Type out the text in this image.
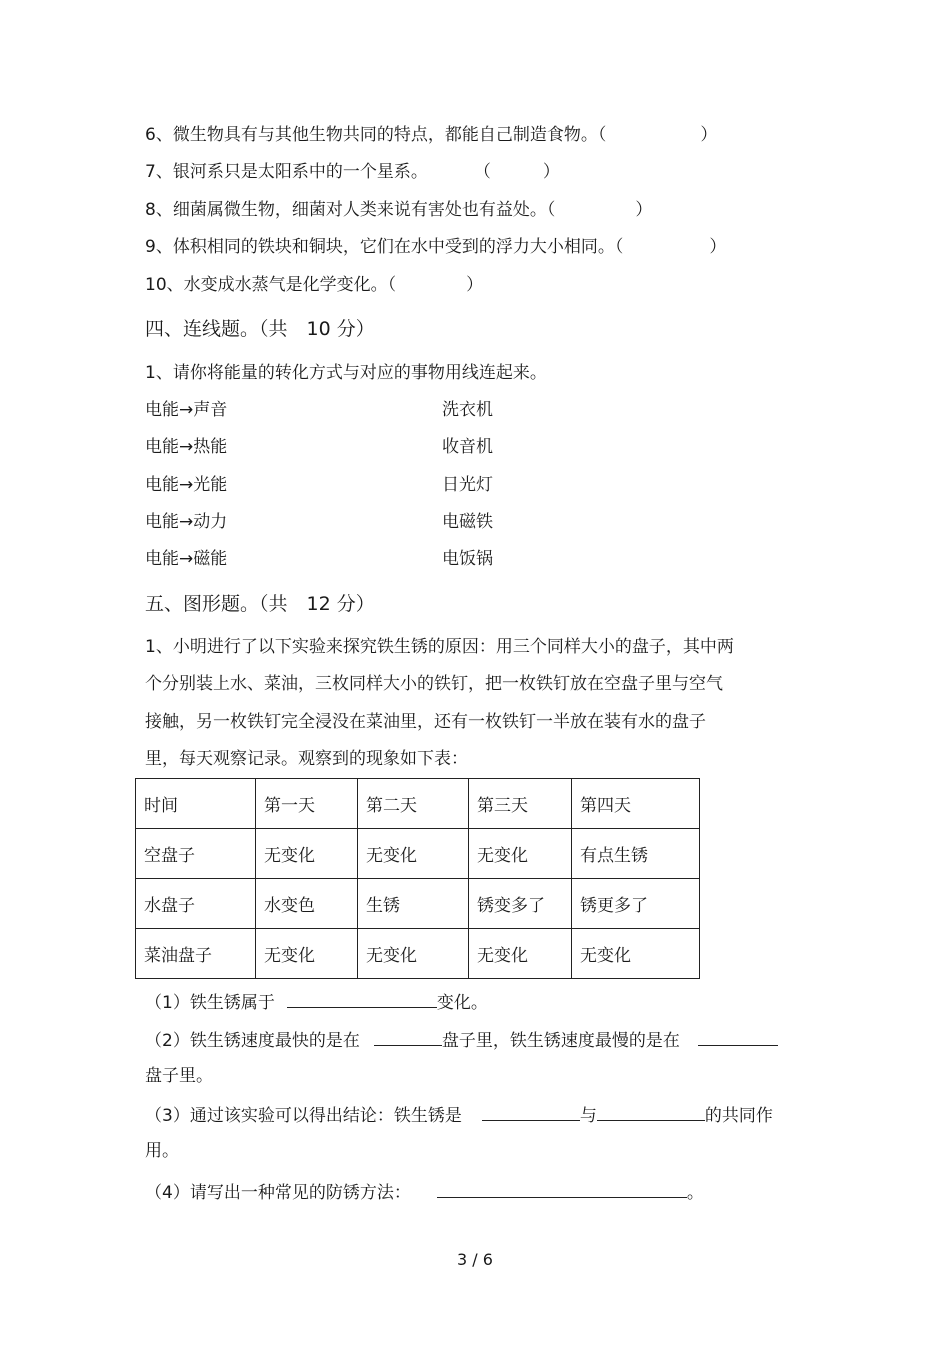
6、微生物具有与其他生物共同的特点，都能自己制造食物。（	）
7、银河系只是太阳系中的一个星系。	（	）
8、细菌属微生物，细菌对人类来说有害处也有益处。（	）
9、体积相同的铁块和铜块，它们在水中受到的浮力大小相同。（	）
10、水变成水蒸气是化学变化。（	）
四、连线题。（共　10 分）
1、请你将能量的转化方式与对应的事物用线连起来。
电能→声音	洗衣机
电能→热能	收音机
电能→光能	日光灯
电能→动力	电磁铁
电能→磁能	电饭锅
五、图形题。（共　12 分）
1、小明进行了以下实验来探究铁生锈的原因：用三个同样大小的盘子，其中两
个分别装上水、菜油，三枚同样大小的铁钉，把一枚铁钉放在空盘子里与空气
接触，另一枚铁钉完全浸没在菜油里，还有一枚铁钉一半放在装有水的盘子
里，每天观察记录。观察到的现象如下表：
时间	第一天	第二天	第三天	第四天
空盘子	无变化	无变化	无变化	有点生锈
水盘子	水变色	生锈	锈变多了	锈更多了
菜油盘子	无变化	无变化	无变化	无变化
（1）铁生锈属于	变化。
（2）铁生锈速度最快的是在	盘子里，铁生锈速度最慢的是在
盘子里。
（3）通过该实验可以得出结论：铁生锈是	与	的共同作
用。
（4）请写出一种常见的防锈方法：	。
3 / 6
